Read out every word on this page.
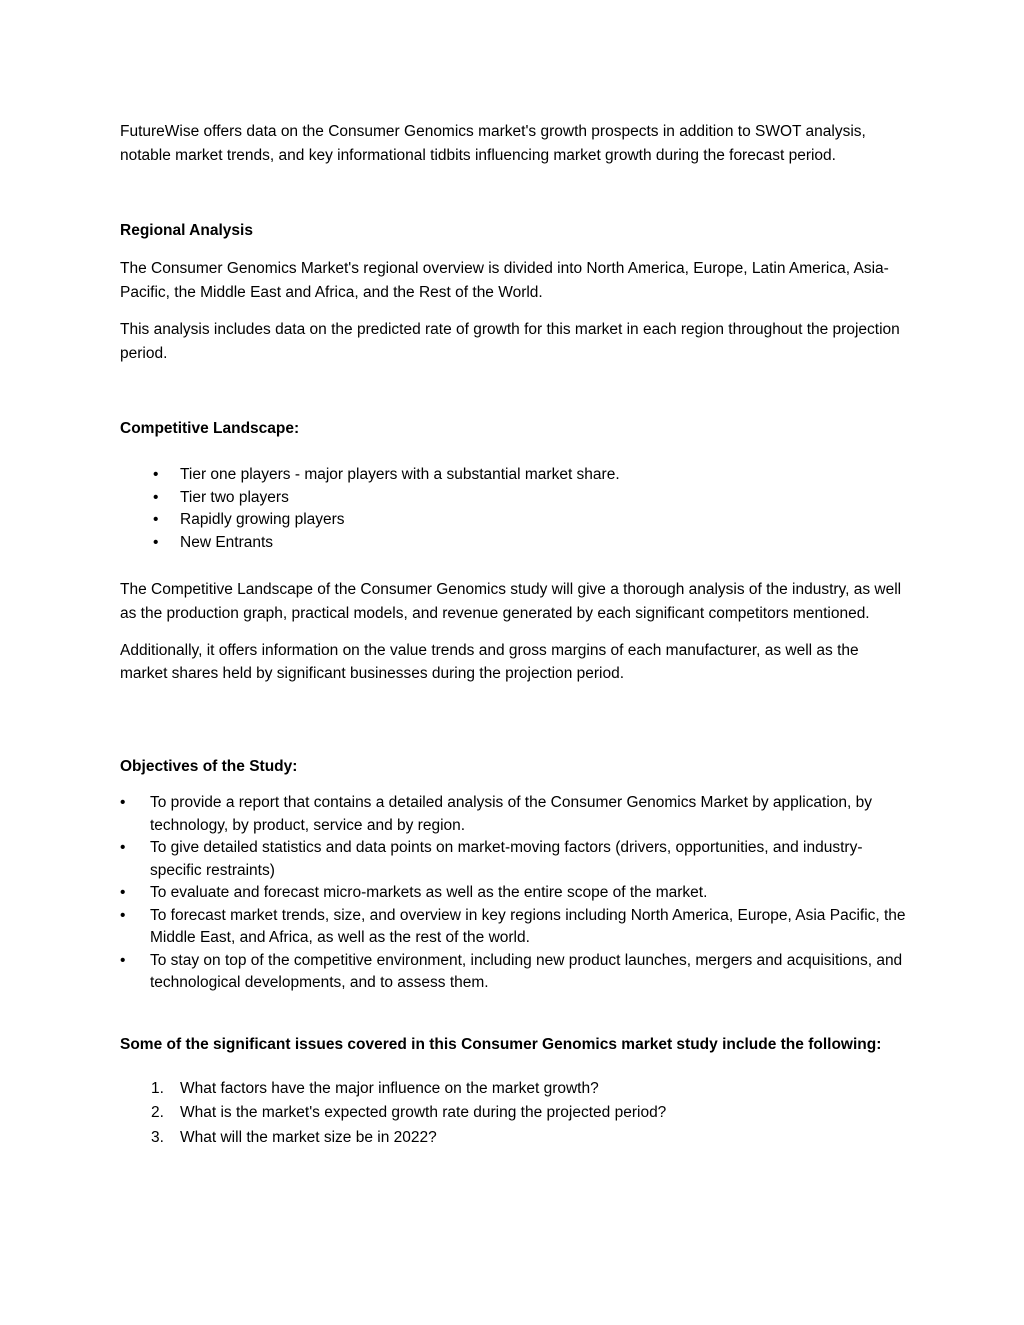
FutureWise offers data on the Consumer Genomics market's growth prospects in addition to SWOT analysis, notable market trends, and key informational tidbits influencing market growth during the forecast period.

Regional Analysis

The Consumer Genomics Market's regional overview is divided into North America, Europe, Latin America, Asia-Pacific, the Middle East and Africa, and the Rest of the World.

This analysis includes data on the predicted rate of growth for this market in each region throughout the projection period.

Competitive Landscape:

• Tier one players - major players with a substantial market share.
• Tier two players
• Rapidly growing players
• New Entrants

The Competitive Landscape of the Consumer Genomics study will give a thorough analysis of the industry, as well as the production graph, practical models, and revenue generated by each significant competitors mentioned.

Additionally, it offers information on the value trends and gross margins of each manufacturer, as well as the market shares held by significant businesses during the projection period.

Objectives of the Study:

• To provide a report that contains a detailed analysis of the Consumer Genomics Market by application, by technology, by product, service and by region.
• To give detailed statistics and data points on market-moving factors (drivers, opportunities, and industry-specific restraints)
• To evaluate and forecast micro-markets as well as the entire scope of the market.
• To forecast market trends, size, and overview in key regions including North America, Europe, Asia Pacific, the Middle East, and Africa, as well as the rest of the world.
• To stay on top of the competitive environment, including new product launches, mergers and acquisitions, and technological developments, and to assess them.

Some of the significant issues covered in this Consumer Genomics market study include the following:

1. What factors have the major influence on the market growth?
2. What is the market's expected growth rate during the projected period?
3. What will the market size be in 2022?
